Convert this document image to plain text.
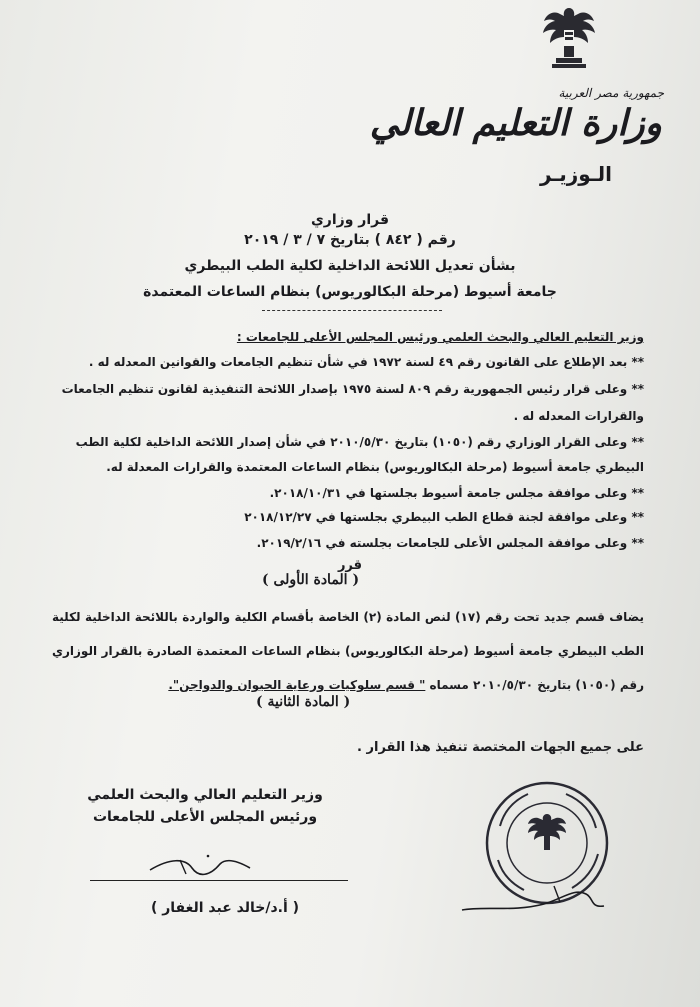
جمهورية مصر العربية
وزارة التعليم العالي
الـوزيـر
قرار وزاري
رقم ( ٨٤٢ ) بتاريخ ٧ / ٣ / ٢٠١٩
بشأن تعديل اللائحة الداخلية لكلية الطب البيطري
جامعة أسيوط (مرحلة البكالوريوس) بنظام الساعات المعتمدة
وزير التعليم العالي والبحث العلمي ورئيس المجلس الأعلى للجامعات :
** بعد الإطلاع على القانون رقم ٤٩ لسنة ١٩٧٢ في شأن تنظيم الجامعات والقوانين المعدله له .
** وعلى قرار رئيس الجمهورية رقم ٨٠٩ لسنة ١٩٧٥ بإصدار اللائحة التنفيذية لقانون تنظيم الجامعات والقرارات المعدله له .
** وعلى القرار الوزاري رقم (١٠٥٠) بتاريخ ٢٠١٠/٥/٣٠ في شأن إصدار اللائحة الداخلية لكلية الطب البيطري جامعة أسيوط (مرحلة البكالوريوس) بنظام الساعات المعتمدة والقرارات المعدلة له.
** وعلى موافقة مجلس جامعة أسيوط بجلستها في ٢٠١٨/١٠/٣١.
** وعلى موافقة لجنة قطاع الطب البيطري بجلستها في ٢٠١٨/١٢/٢٧
** وعلى موافقة المجلس الأعلى للجامعات بجلسته في ٢٠١٩/٢/١٦.
قرر
( المادة الأولى )
يضاف قسم جديد تحت رقم (١٧) لنص المادة (٢) الخاصة بأقسام الكلية والواردة باللائحة الداخلية لكلية الطب البيطري جامعة أسيوط (مرحلة البكالوريوس) بنظام الساعات المعتمدة الصادرة بالقرار الوزاري رقم (١٠٥٠) بتاريخ ٢٠١٠/٥/٣٠ مسماه " قسم سلوكيات ورعاية الحيوان والدواجن".
( المادة الثانية )
على جميع الجهات المختصة تنفيذ هذا القرار .
وزير التعليم العالي والبحث العلمي
ورئيس المجلس الأعلى للجامعات
( أ.د/خالد عبد الغفار )
